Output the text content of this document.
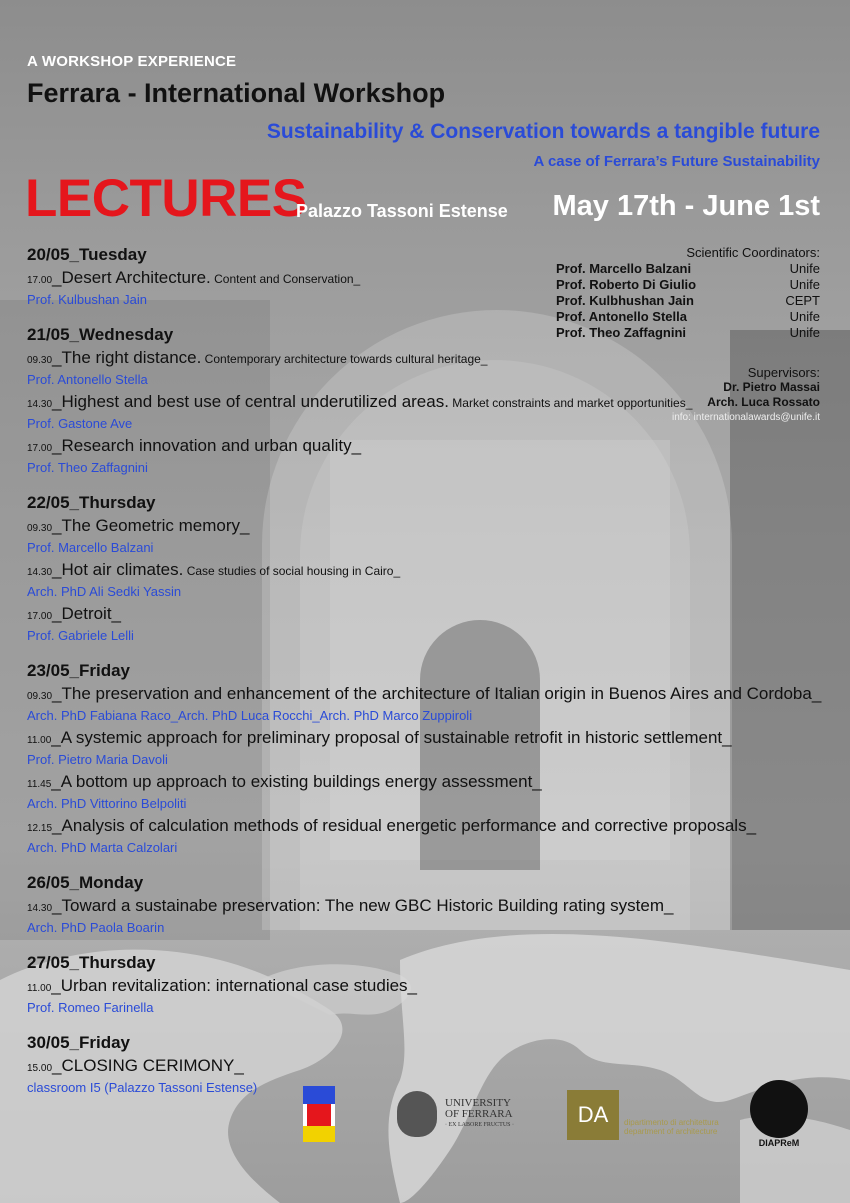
A WORKSHOP EXPERIENCE
Ferrara - International Workshop
Sustainability & Conservation towards a tangible future
A case of Ferrara’s Future Sustainability
LECTURES
Palazzo Tassoni Estense May 17th - June 1st
Scientific Coordinators:
Prof. Marcello Balzani	Unife
Prof. Roberto Di Giulio	Unife
Prof. Kulbhushan Jain	CEPT
Prof. Antonello Stella	Unife
Prof. Theo Zaffagnini	Unife
Supervisors:
Dr. Pietro Massai
Arch. Luca Rossato
info: internationalawards@unife.it
20/05_Tuesday
17.00_Desert Architecture. Content and Conservation_
Prof. Kulbushan Jain
21/05_Wednesday
09.30_The right distance. Contemporary architecture towards cultural heritage_
Prof. Antonello Stella
14.30_Highest and best use of central underutilized areas. Market constraints and market opportunities_
Prof. Gastone Ave
17.00_Research innovation and urban quality_
Prof. Theo Zaffagnini
22/05_Thursday
09.30_The Geometric memory_
Prof. Marcello Balzani
14.30_Hot air climates. Case studies of social housing in Cairo_
Arch. PhD Ali Sedki Yassin
17.00_Detroit_
Prof. Gabriele Lelli
23/05_Friday
09.30_The preservation and enhancement of the architecture of Italian origin in Buenos Aires and Cordoba_
Arch. PhD Fabiana Raco_Arch. PhD Luca Rocchi_Arch. PhD Marco Zuppiroli
11.00_A systemic approach for preliminary proposal of sustainable retrofit in historic settlement_
Prof. Pietro Maria Davoli
11.45_A bottom up approach to existing buildings energy assessment_
Arch. PhD Vittorino Belpoliti
12.15_Analysis of calculation methods of residual energetic performance and corrective proposals_
Arch. PhD Marta Calzolari
26/05_Monday
14.30_Toward a sustainabe preservation: The new GBC Historic Building rating system_
Arch. PhD Paola Boarin
27/05_Thursday
11.00_Urban revitalization: international case studies_
Prof. Romeo Farinella
30/05_Friday
15.00_CLOSING CERIMONY_
classroom I5 (Palazzo Tassoni Estense)
UNIVERSITY
OF FERRARA
· EX LABORE FRUCTUS ·	DA	dipartimento di architettura
department of architecture
DIAPReM
